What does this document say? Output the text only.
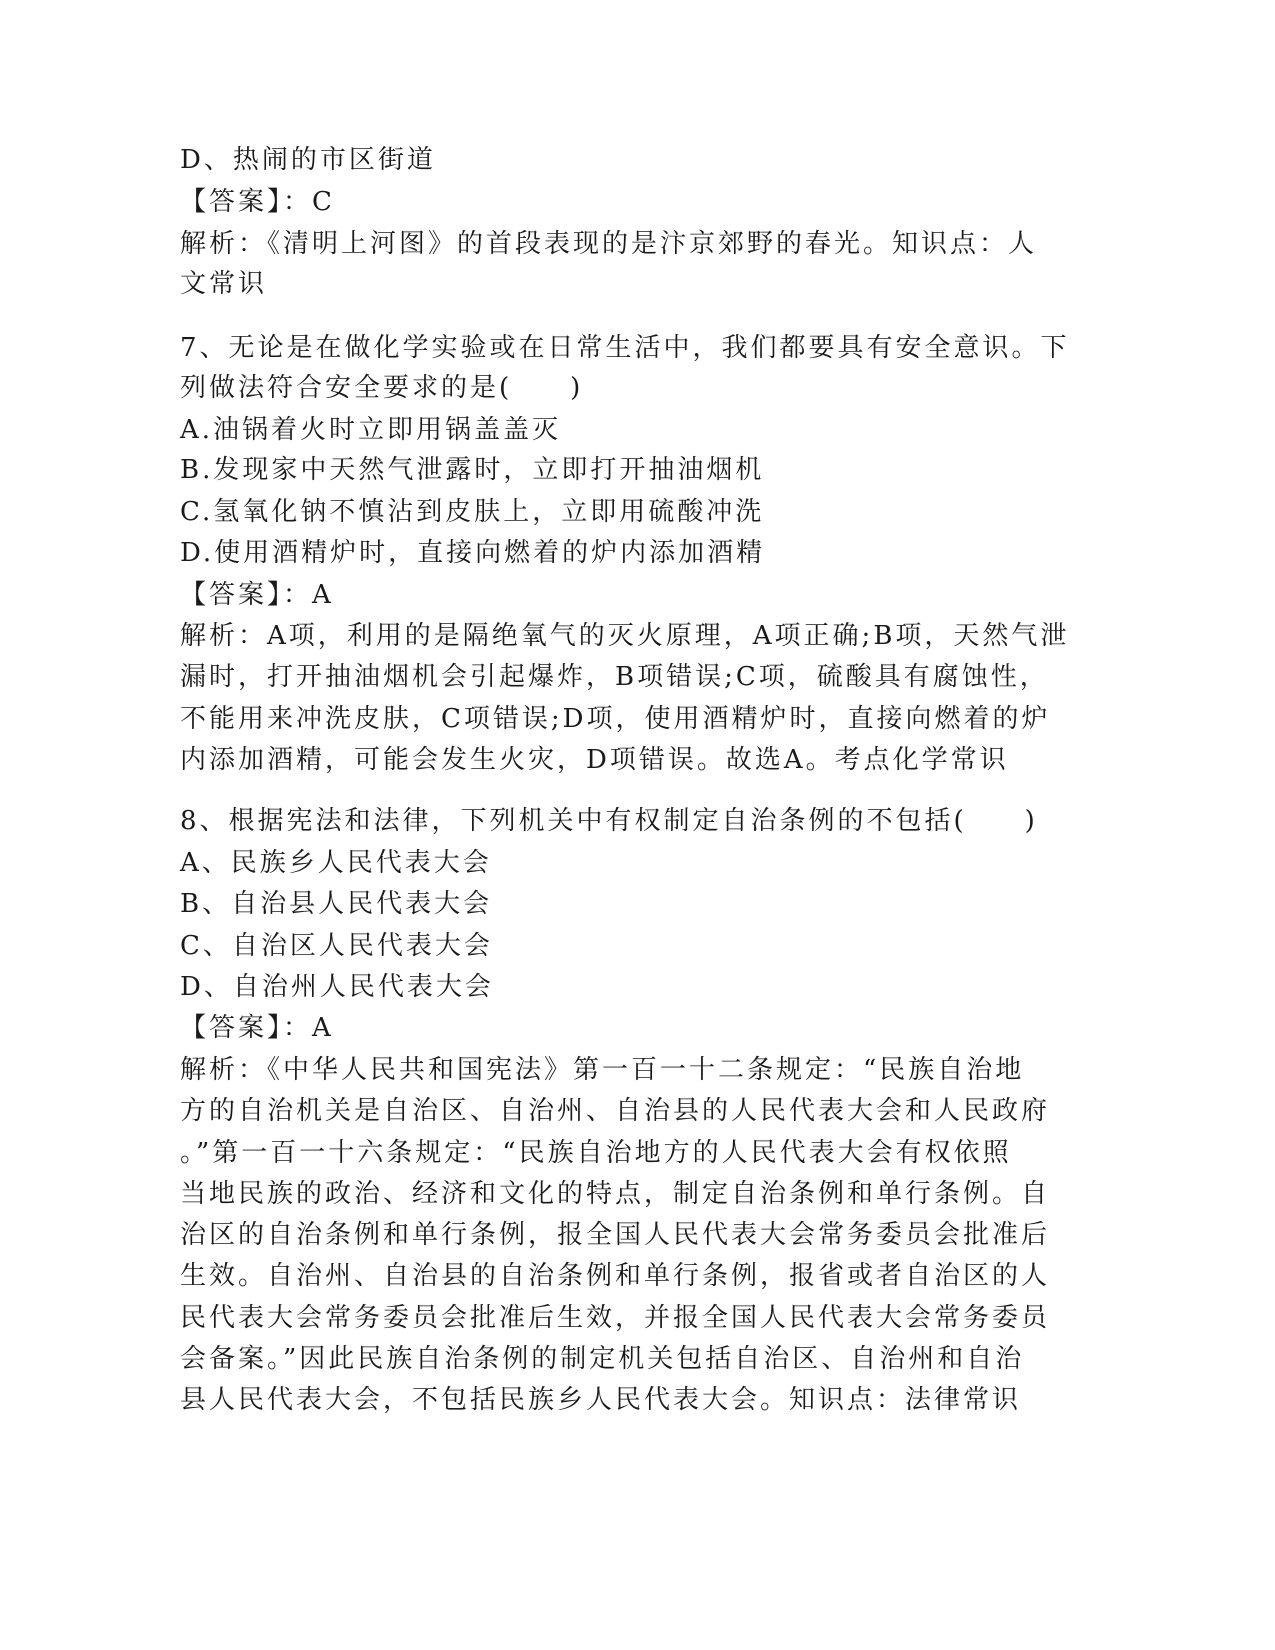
D、热闹的市区街道
【答案】：C
解析：《清明上河图》的首段表现的是汴京郊野的春光。知识点：人
文常识
7、无论是在做化学实验或在日常生活中，我们都要具有安全意识。下
列做法符合安全要求的是(　　)
A.油锅着火时立即用锅盖盖灭
B.发现家中天然气泄露时，立即打开抽油烟机
C.氢氧化钠不慎沾到皮肤上，立即用硫酸冲洗
D.使用酒精炉时，直接向燃着的炉内添加酒精
【答案】：A
解析：A项，利用的是隔绝氧气的灭火原理，A项正确;B项，天然气泄
漏时，打开抽油烟机会引起爆炸，B项错误;C项，硫酸具有腐蚀性，
不能用来冲洗皮肤，C项错误;D项，使用酒精炉时，直接向燃着的炉
内添加酒精，可能会发生火灾，D项错误。故选A。考点化学常识
8、根据宪法和法律，下列机关中有权制定自治条例的不包括(　　)
A、民族乡人民代表大会
B、自治县人民代表大会
C、自治区人民代表大会
D、自治州人民代表大会
【答案】：A
解析：《中华人民共和国宪法》第一百一十二条规定：“民族自治地
方的自治机关是自治区、自治州、自治县的人民代表大会和人民政府
。”第一百一十六条规定：“民族自治地方的人民代表大会有权依照
当地民族的政治、经济和文化的特点，制定自治条例和单行条例。自
治区的自治条例和单行条例，报全国人民代表大会常务委员会批准后
生效。自治州、自治县的自治条例和单行条例，报省或者自治区的人
民代表大会常务委员会批准后生效，并报全国人民代表大会常务委员
会备案。”因此民族自治条例的制定机关包括自治区、自治州和自治
县人民代表大会，不包括民族乡人民代表大会。知识点：法律常识
